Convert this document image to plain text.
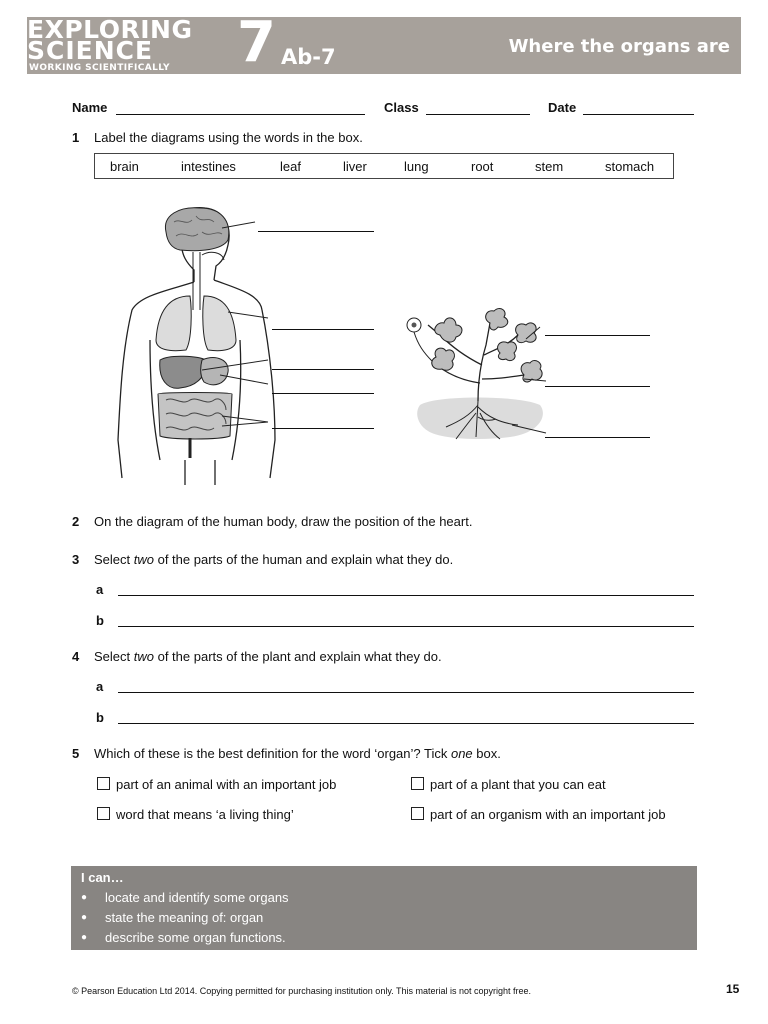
EXPLORING
SCIENCE
WORKING SCIENTIFICALLY 7 Ab-7	Where the organs are
Name	Class	Date
1 Label the diagrams using the words in the box.
brain	intestines	leaf	liver	lung	root	stem	stomach
2 On the diagram of the human body, draw the position of the heart.
3 Select two of the parts of the human and explain what they do.
a
b
4 Select two of the parts of the plant and explain what they do.
a
b
5 Which of these is the best definition for the word ‘organ’? Tick one box.
part of an animal with an important job	part of a plant that you can eat
word that means ‘a living thing’	part of an organism with an important job
I can…
● locate and identify some organs
● state the meaning of: organ
● describe some organ functions.
© Pearson Education Ltd 2014. Copying permitted for purchasing institution only. This material is not copyright free.	15
